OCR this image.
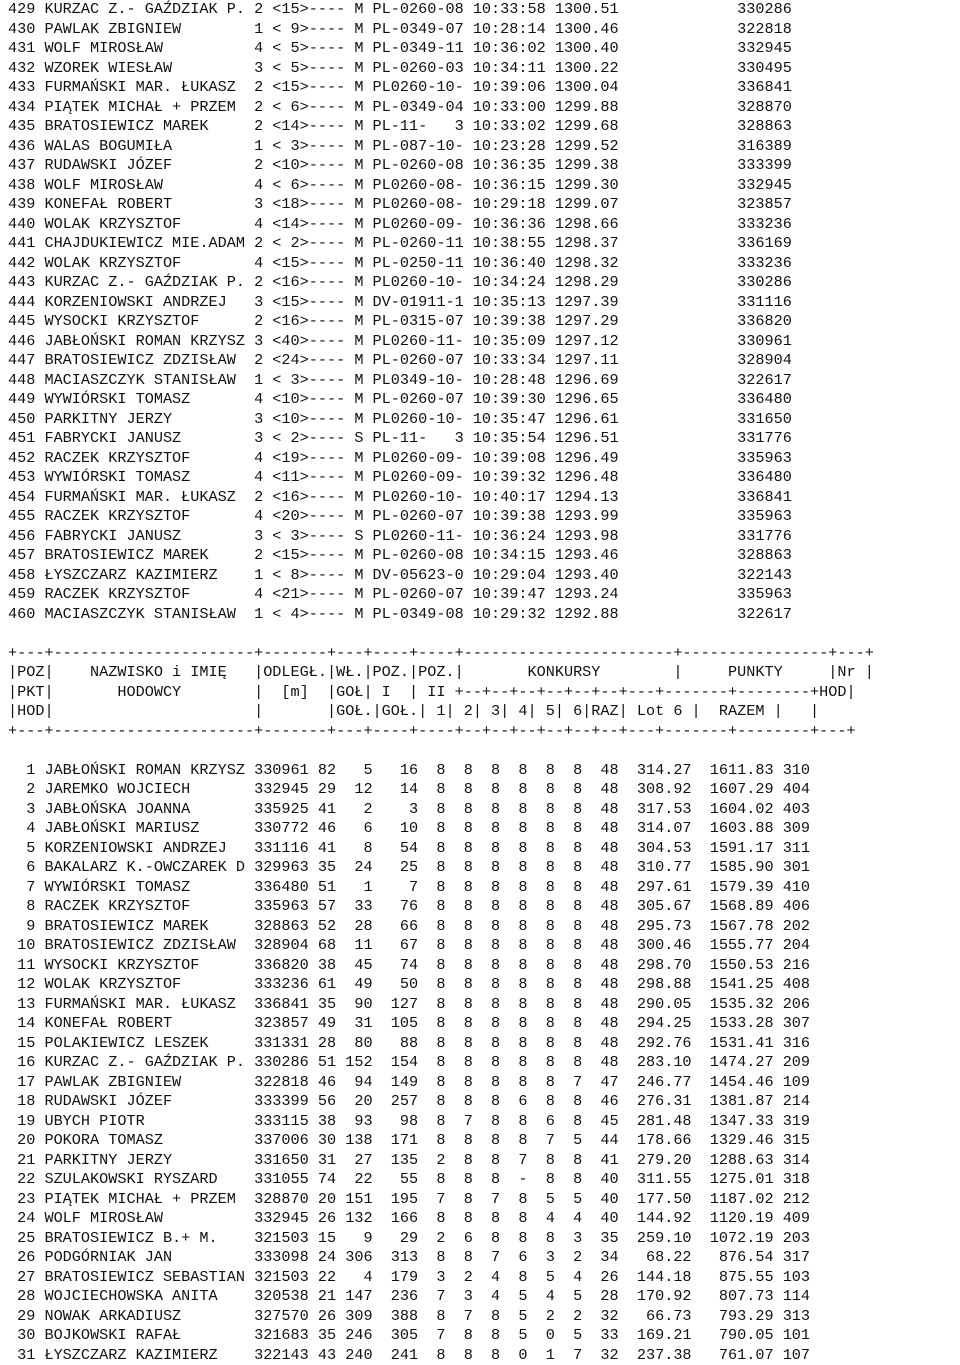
429 KURZAC Z.- GAŹDZIAK P. 2 <15>---- M PL-0260-08 10:33:58 1300.51             330286
430 PAWLAK ZBIGNIEW        1 < 9>---- M PL-0349-07 10:28:14 1300.46             322818
431 WOLF MIROSŁAW          4 < 5>---- M PL-0349-11 10:36:02 1300.40             332945
432 WZOREK WIESŁAW         3 < 5>---- M PL-0260-03 10:34:11 1300.22             330495
433 FURMAŃSKI MAR. ŁUKASZ  2 <15>---- M PL0260-10- 10:39:06 1300.04             336841
434 PIĄTEK MICHAŁ + PRZEM  2 < 6>---- M PL-0349-04 10:33:00 1299.88             328870
435 BRATOSIEWICZ MAREK     2 <14>---- M PL-11-   3 10:33:02 1299.68             328863
436 WALAS BOGUMIŁA         1 < 3>---- M PL-087-10- 10:23:28 1299.52             316389
437 RUDAWSKI JÓZEF         2 <10>---- M PL-0260-08 10:36:35 1299.38             333399
438 WOLF MIROSŁAW          4 < 6>---- M PL0260-08- 10:36:15 1299.30             332945
439 KONEFAŁ ROBERT         3 <18>---- M PL0260-08- 10:29:18 1299.07             323857
440 WOLAK KRZYSZTOF        4 <14>---- M PL0260-09- 10:36:36 1298.66             333236
441 CHAJDUKIEWICZ MIE.ADAM 2 < 2>---- M PL-0260-11 10:38:55 1298.37             336169
442 WOLAK KRZYSZTOF        4 <15>---- M PL-0250-11 10:36:40 1298.32             333236
443 KURZAC Z.- GAŹDZIAK P. 2 <16>---- M PL0260-10- 10:34:24 1298.29             330286
444 KORZENIOWSKI ANDRZEJ   3 <15>---- M DV-01911-1 10:35:13 1297.39             331116
445 WYSOCKI KRZYSZTOF      2 <16>---- M PL-0315-07 10:39:38 1297.29             336820
446 JABŁOŃSKI ROMAN KRZYSZ 3 <40>---- M PL0260-11- 10:35:09 1297.12             330961
447 BRATOSIEWICZ ZDZISŁAW  2 <24>---- M PL-0260-07 10:33:34 1297.11             328904
448 MACIASZCZYK STANISŁAW  1 < 3>---- M PL0349-10- 10:28:48 1296.69             322617
449 WYWIÓRSKI TOMASZ       4 <10>---- M PL-0260-07 10:39:30 1296.65             336480
450 PARKITNY JERZY         3 <10>---- M PL0260-10- 10:35:47 1296.61             331650
451 FABRYCKI JANUSZ        3 < 2>---- S PL-11-   3 10:35:54 1296.51             331776
452 RACZEK KRZYSZTOF       4 <19>---- M PL0260-09- 10:39:08 1296.49             335963
453 WYWIÓRSKI TOMASZ       4 <11>---- M PL0260-09- 10:39:32 1296.48             336480
454 FURMAŃSKI MAR. ŁUKASZ  2 <16>---- M PL0260-10- 10:40:17 1294.13             336841
455 RACZEK KRZYSZTOF       4 <20>---- M PL-0260-07 10:39:38 1293.99             335963
456 FABRYCKI JANUSZ        3 < 3>---- S PL0260-11- 10:36:24 1293.98             331776
457 BRATOSIEWICZ MAREK     2 <15>---- M PL-0260-08 10:34:15 1293.46             328863
458 ŁYSZCZARZ KAZIMIERZ    1 < 8>---- M DV-05623-0 10:29:04 1293.40             322143
459 RACZEK KRZYSZTOF       4 <21>---- M PL-0260-07 10:39:47 1293.24             335963
460 MACIASZCZYK STANISŁAW  1 < 4>---- M PL-0349-08 10:29:32 1292.88             322617
+---+----------------------+-------+---+----+----+-----------------------+----------------+---+
|POZ|    NAZWISKO i IMIĘ   |ODLEGŁ.|WŁ.|POZ.|POZ.|       KONKURSY        |     PUNKTY     |Nr |
|PKT|       HODOWCY        |  [m]  |GOŁ| I  | II +--+--+--+--+--+--+---+-------+--------+HOD|
|HOD|                      |       |GOŁ.|GOŁ.| 1| 2| 3| 4| 5| 6|RAZ| Lot 6 |  RAZEM |   |
+---+----------------------+-------+---+----+----+--+--+--+--+--+--+---+-------+--------+---+
1 JABŁOŃSKI ROMAN KRZYSZ 330961 82   5   16  8  8  8  8  8  8  48  314.27  1611.83 310
2 JAREMKO WOJCIECH       332945 29  12   14  8  8  8  8  8  8  48  308.92  1607.29 404
3 JABŁOŃSKA JOANNA       335925 41   2    3  8  8  8  8  8  8  48  317.53  1604.02 403
4 JABŁOŃSKI MARIUSZ      330772 46   6   10  8  8  8  8  8  8  48  314.07  1603.88 309
5 KORZENIOWSKI ANDRZEJ   331116 41   8   54  8  8  8  8  8  8  48  304.53  1591.17 311
6 BAKALARZ K.-OWCZAREK D 329963 35  24   25  8  8  8  8  8  8  48  310.77  1585.90 301
7 WYWIÓRSKI TOMASZ       336480 51   1    7  8  8  8  8  8  8  48  297.61  1579.39 410
8 RACZEK KRZYSZTOF       335963 57  33   76  8  8  8  8  8  8  48  305.67  1568.89 406
9 BRATOSIEWICZ MAREK     328863 52  28   66  8  8  8  8  8  8  48  295.73  1567.78 202
10 BRATOSIEWICZ ZDZISŁAW  328904 68  11   67  8  8  8  8  8  8  48  300.46  1555.77 204
11 WYSOCKI KRZYSZTOF      336820 38  45   74  8  8  8  8  8  8  48  298.70  1550.53 216
12 WOLAK KRZYSZTOF        333236 61  49   50  8  8  8  8  8  8  48  298.88  1541.25 408
13 FURMAŃSKI MAR. ŁUKASZ  336841 35  90  127  8  8  8  8  8  8  48  290.05  1535.32 206
14 KONEFAŁ ROBERT         323857 49  31  105  8  8  8  8  8  8  48  294.25  1533.28 307
15 POLAKIEWICZ LESZEK     331331 28  80   88  8  8  8  8  8  8  48  292.76  1531.41 316
16 KURZAC Z.- GAŹDZIAK P. 330286 51 152  154  8  8  8  8  8  8  48  283.10  1474.27 209
17 PAWLAK ZBIGNIEW        322818 46  94  149  8  8  8  8  8  7  47  246.77  1454.46 109
18 RUDAWSKI JÓZEF         333399 56  20  257  8  8  8  6  8  8  46  276.31  1381.87 214
19 UBYCH PIOTR            333115 38  93   98  8  7  8  8  6  8  45  281.48  1347.33 319
20 POKORA TOMASZ          337006 30 138  171  8  8  8  8  7  5  44  178.66  1329.46 315
21 PARKITNY JERZY         331650 31  27  135  2  8  8  7  8  8  41  279.20  1288.63 314
22 SZULAKOWSKI RYSZARD    331055 74  22   55  8  8  8  -  8  8  40  311.55  1275.01 318
23 PIĄTEK MICHAŁ + PRZEM  328870 20 151  195  7  8  7  8  5  5  40  177.50  1187.02 212
24 WOLF MIROSŁAW          332945 26 132  166  8  8  8  8  4  4  40  144.92  1120.19 409
25 BRATOSIEWICZ B.+ M.    321503 15   9   29  2  6  8  8  8  3  35  259.10  1072.19 203
26 PODGÓRNIAK JAN         333098 24 306  313  8  8  7  6  3  2  34   68.22   876.54 317
27 BRATOSIEWICZ SEBASTIAN 321503 22   4  179  3  2  4  8  5  4  26  144.18   875.55 103
28 WOJCIECHOWSKA ANITA    320538 21 147  236  7  3  4  5  4  5  28  170.92   807.73 114
29 NOWAK ARKADIUSZ        327570 26 309  388  8  7  8  5  2  2  32   66.73   793.29 313
30 BOJKOWSKI RAFAŁ        321683 35 246  305  7  8  8  5  0  5  33  169.21   790.05 101
31 ŁYSZCZARZ KAZIMIERZ    322143 43 240  241  8  8  8  0  1  7  32  237.38   761.07 107
